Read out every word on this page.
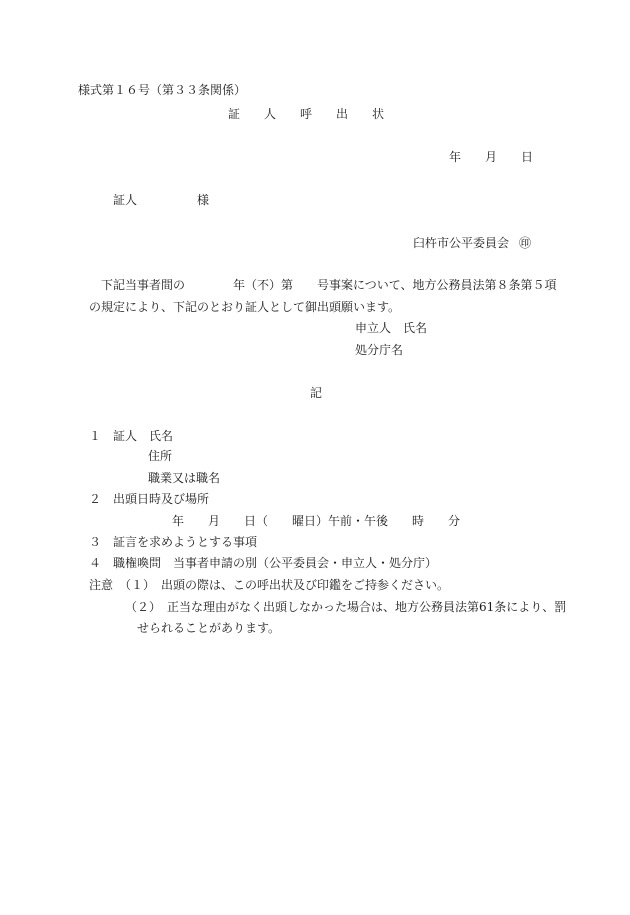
様式第１６号（第３３条関係）
証　　人　　呼　　出　　状
年　　月　　日
証人　　　　　様
臼杵市公平委員会 ㊞
下記当事者間の　　　　年（不）第　　号事案について、地方公務員法第８条第５項
の規定により、下記のとおり証人として御出頭願います。
申立人　氏名
処分庁名
記
１　証人　氏名
住所
職業又は職名
２　出頭日時及び場所
年　　月　　日（　　曜日）午前・午後　　時　　分
３　証言を求めようとする事項
４　職権喚問　当事者申請の別（公平委員会・申立人・処分庁）
注意　（１）　出頭の際は、この呼出状及び印鑑をご持参ください。
（２）　正当な理由がなく出頭しなかった場合は、地方公務員法第61条により、罰
せられることがあります。
